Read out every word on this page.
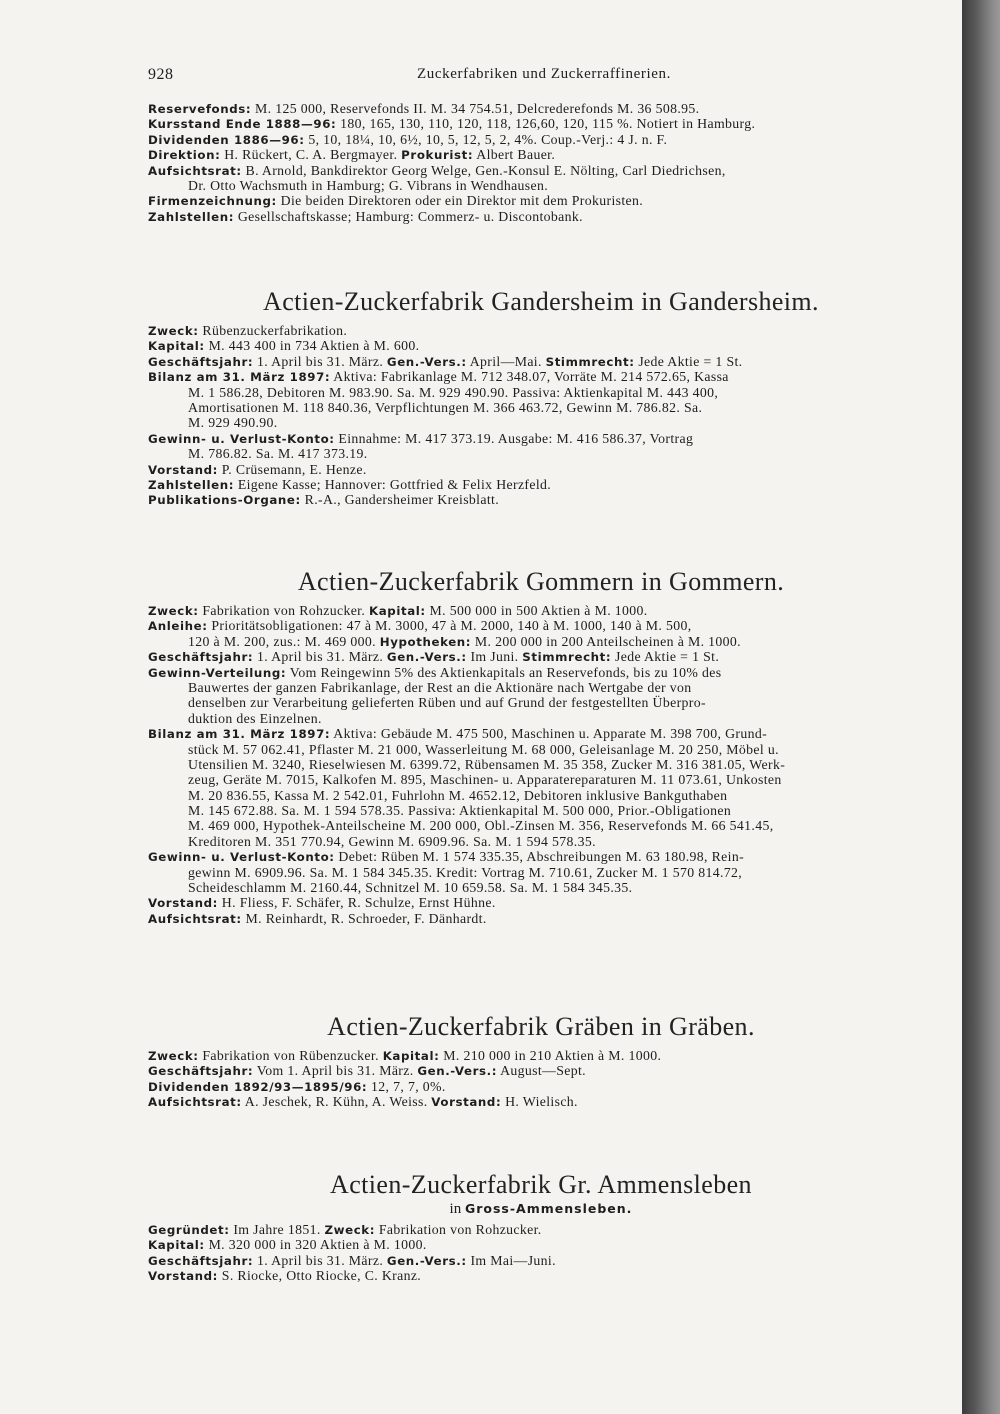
928	Zuckerfabriken und Zuckerraffinerien.
Reservefonds: M. 125 000, Reservefonds II. M. 34 754.51, Delcrederefonds M. 36 508.95.
Kursstand Ende 1888—96: 180, 165, 130, 110, 120, 118, 126,60, 120, 115 %. Notiert in Hamburg.
Dividenden 1886—96: 5, 10, 18¼, 10, 6½, 10, 5, 12, 5, 2, 4%. Coup.-Verj.: 4 J. n. F.
Direktion: H. Rückert, C. A. Bergmayer. Prokurist: Albert Bauer.
Aufsichtsrat: B. Arnold, Bankdirektor Georg Welge, Gen.-Konsul E. Nölting, Carl Diedrichsen,
Dr. Otto Wachsmuth in Hamburg; G. Vibrans in Wendhausen.
Firmenzeichnung: Die beiden Direktoren oder ein Direktor mit dem Prokuristen.
Zahlstellen: Gesellschaftskasse; Hamburg: Commerz- u. Discontobank.
Actien-Zuckerfabrik Gandersheim in Gandersheim.
Zweck: Rübenzuckerfabrikation.
Kapital: M. 443 400 in 734 Aktien à M. 600.
Geschäftsjahr: 1. April bis 31. März. Gen.-Vers.: April—Mai. Stimmrecht: Jede Aktie = 1 St.
Bilanz am 31. März 1897: Aktiva: Fabrikanlage M. 712 348.07, Vorräte M. 214 572.65, Kassa
M. 1 586.28, Debitoren M. 983.90. Sa. M. 929 490.90. Passiva: Aktienkapital M. 443 400,
Amortisationen M. 118 840.36, Verpflichtungen M. 366 463.72, Gewinn M. 786.82. Sa.
M. 929 490.90.
Gewinn- u. Verlust-Konto: Einnahme: M. 417 373.19. Ausgabe: M. 416 586.37, Vortrag
M. 786.82. Sa. M. 417 373.19.
Vorstand: P. Crüsemann, E. Henze.
Zahlstellen: Eigene Kasse; Hannover: Gottfried & Felix Herzfeld.
Publikations-Organe: R.-A., Gandersheimer Kreisblatt.
Actien-Zuckerfabrik Gommern in Gommern.
Zweck: Fabrikation von Rohzucker. Kapital: M. 500 000 in 500 Aktien à M. 1000.
Anleihe: Prioritätsobligationen: 47 à M. 3000, 47 à M. 2000, 140 à M. 1000, 140 à M. 500,
120 à M. 200, zus.: M. 469 000. Hypotheken: M. 200 000 in 200 Anteilscheinen à M. 1000.
Geschäftsjahr: 1. April bis 31. März. Gen.-Vers.: Im Juni. Stimmrecht: Jede Aktie = 1 St.
Gewinn-Verteilung: Vom Reingewinn 5% des Aktienkapitals an Reservefonds, bis zu 10% des
Bauwertes der ganzen Fabrikanlage, der Rest an die Aktionäre nach Wertgabe der von
denselben zur Verarbeitung gelieferten Rüben und auf Grund der festgestellten Überpro-
duktion des Einzelnen.
Bilanz am 31. März 1897: Aktiva: Gebäude M. 475 500, Maschinen u. Apparate M. 398 700, Grund-
stück M. 57 062.41, Pflaster M. 21 000, Wasserleitung M. 68 000, Geleisanlage M. 20 250, Möbel u.
Utensilien M. 3240, Rieselwiesen M. 6399.72, Rübensamen M. 35 358, Zucker M. 316 381.05, Werk-
zeug, Geräte M. 7015, Kalkofen M. 895, Maschinen- u. Apparatereparaturen M. 11 073.61, Unkosten
M. 20 836.55, Kassa M. 2 542.01, Fuhrlohn M. 4652.12, Debitoren inklusive Bankguthaben
M. 145 672.88. Sa. M. 1 594 578.35. Passiva: Aktienkapital M. 500 000, Prior.-Obligationen
M. 469 000, Hypothek-Anteilscheine M. 200 000, Obl.-Zinsen M. 356, Reservefonds M. 66 541.45,
Kreditoren M. 351 770.94, Gewinn M. 6909.96. Sa. M. 1 594 578.35.
Gewinn- u. Verlust-Konto: Debet: Rüben M. 1 574 335.35, Abschreibungen M. 63 180.98, Rein-
gewinn M. 6909.96. Sa. M. 1 584 345.35. Kredit: Vortrag M. 710.61, Zucker M. 1 570 814.72,
Scheideschlamm M. 2160.44, Schnitzel M. 10 659.58. Sa. M. 1 584 345.35.
Vorstand: H. Fliess, F. Schäfer, R. Schulze, Ernst Hühne.
Aufsichtsrat: M. Reinhardt, R. Schroeder, F. Dänhardt.
Actien-Zuckerfabrik Gräben in Gräben.
Zweck: Fabrikation von Rübenzucker. Kapital: M. 210 000 in 210 Aktien à M. 1000.
Geschäftsjahr: Vom 1. April bis 31. März. Gen.-Vers.: August—Sept.
Dividenden 1892/93—1895/96: 12, 7, 7, 0%.
Aufsichtsrat: A. Jeschek, R. Kühn, A. Weiss. Vorstand: H. Wielisch.
Actien-Zuckerfabrik Gr. Ammensleben
in Gross-Ammensleben.
Gegründet: Im Jahre 1851. Zweck: Fabrikation von Rohzucker.
Kapital: M. 320 000 in 320 Aktien à M. 1000.
Geschäftsjahr: 1. April bis 31. März. Gen.-Vers.: Im Mai—Juni.
Vorstand: S. Riocke, Otto Riocke, C. Kranz.
